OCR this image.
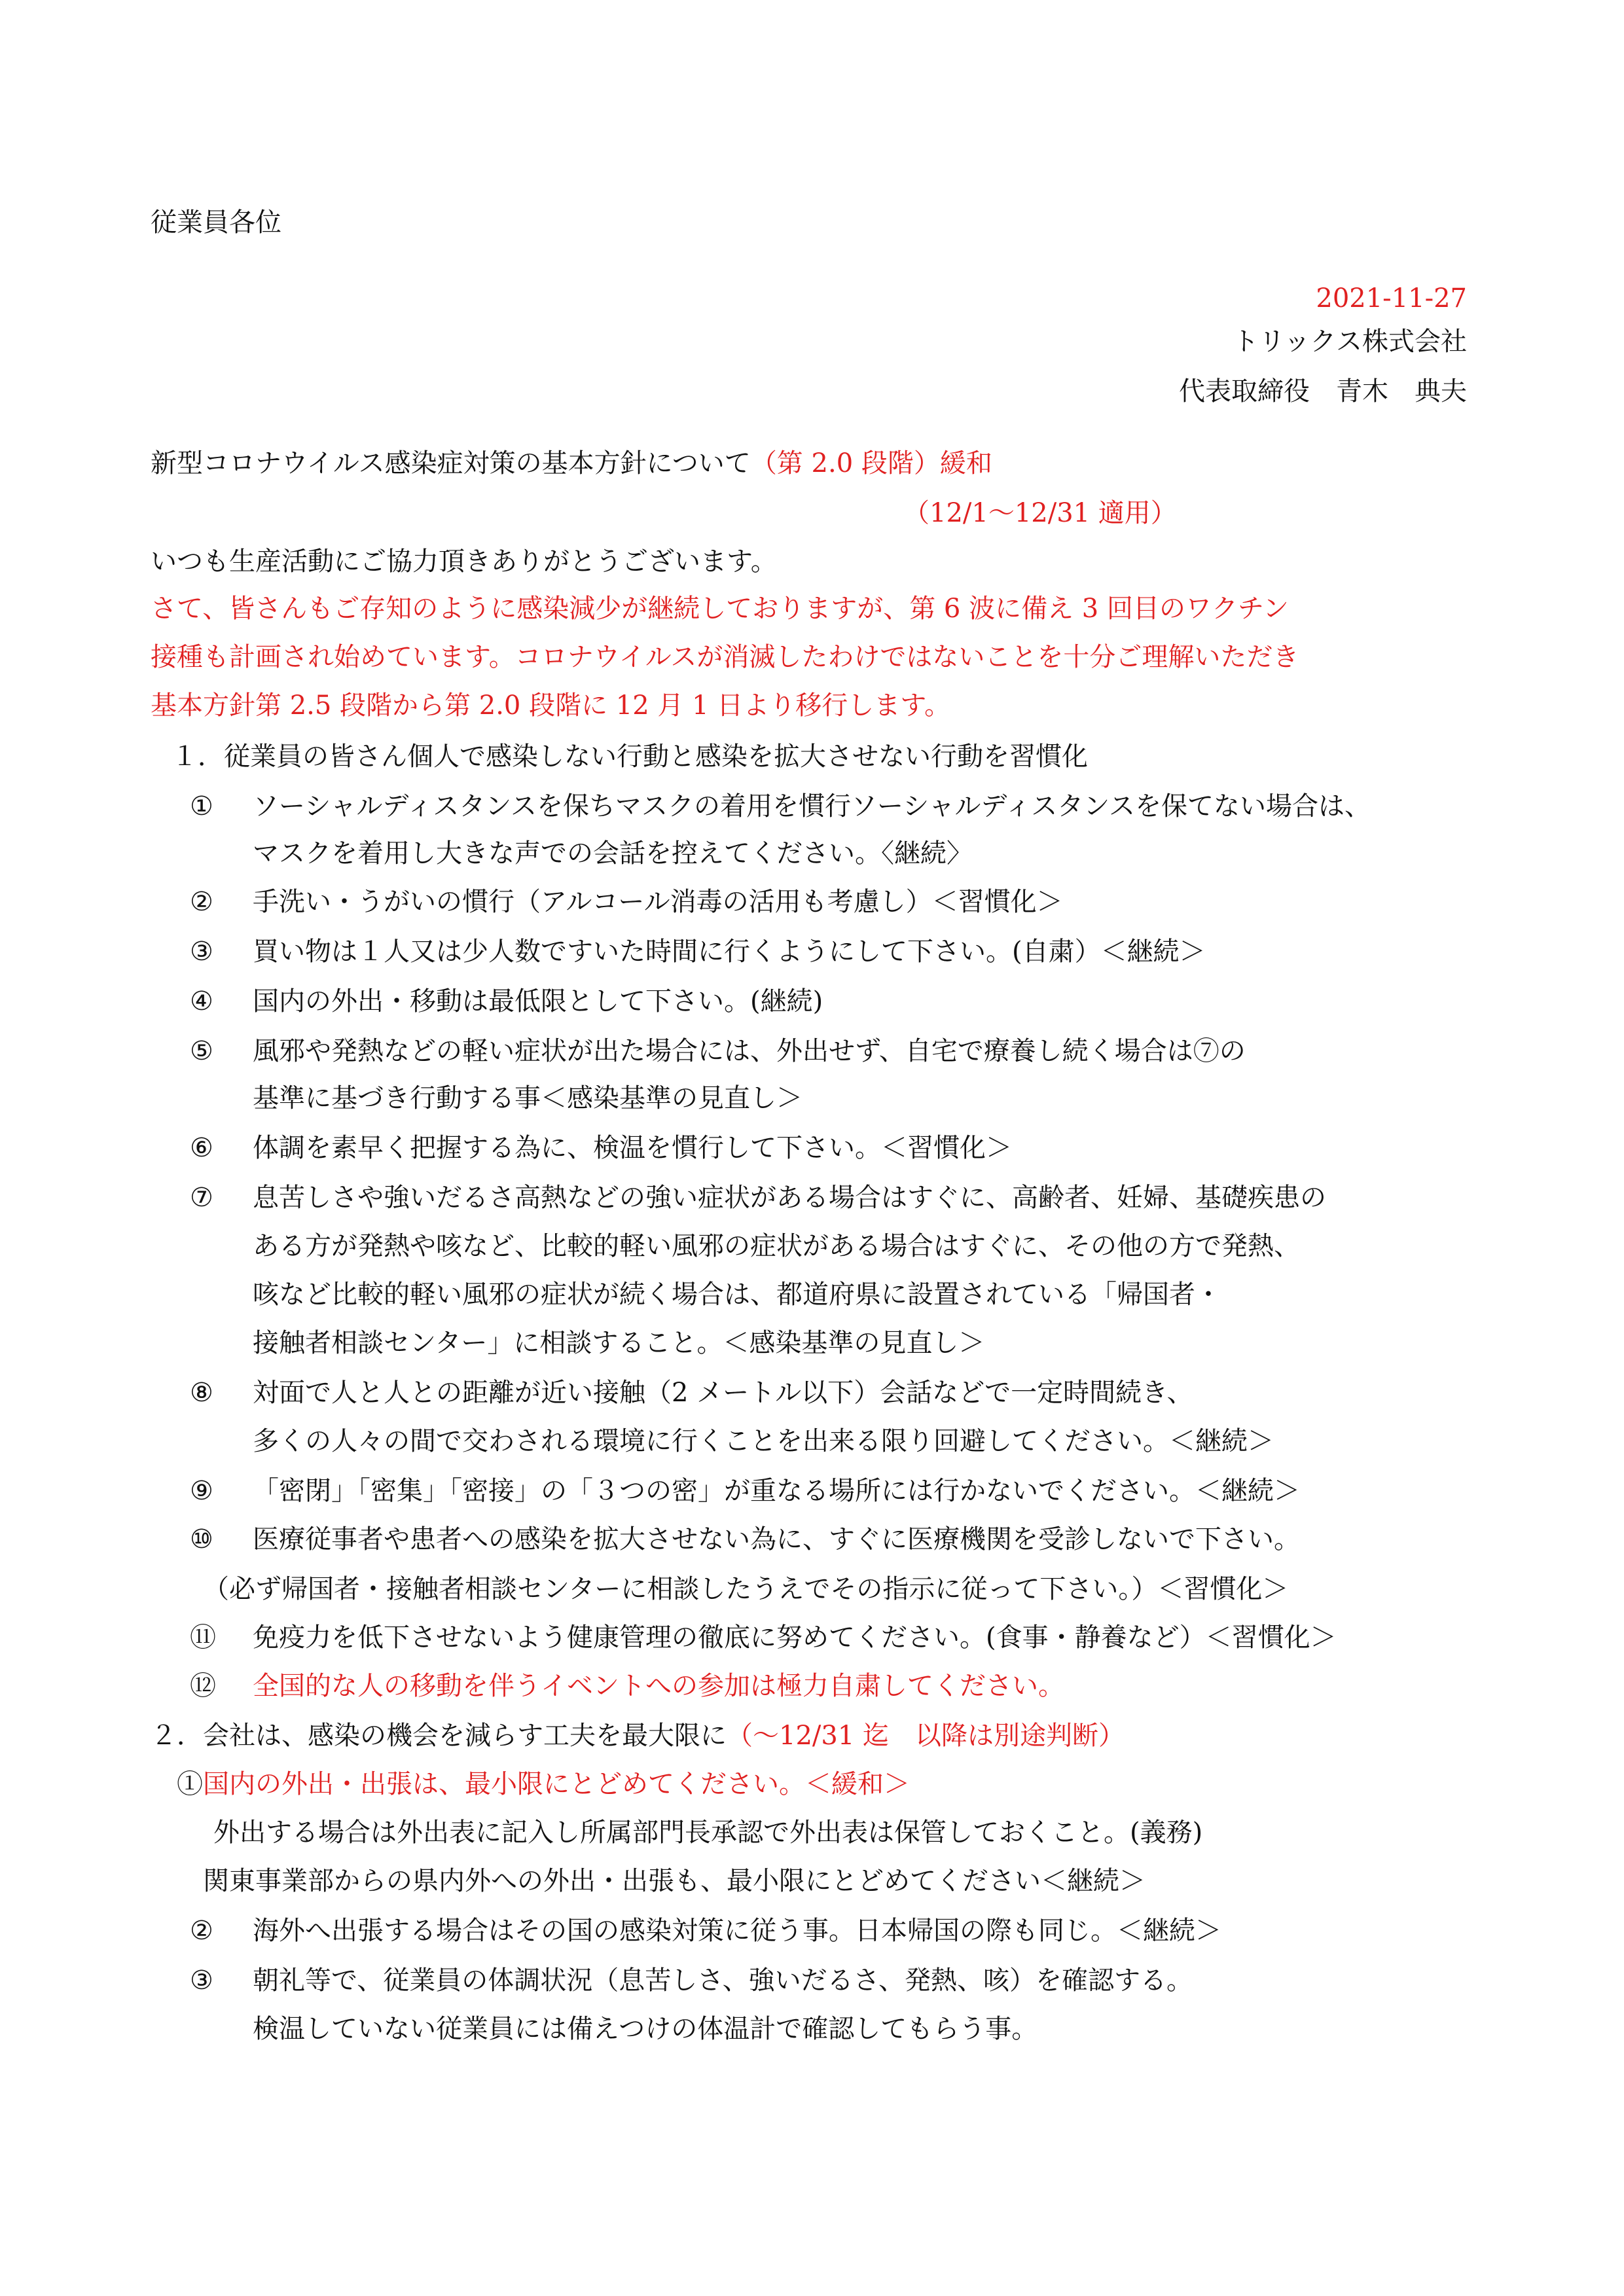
従業員各位

2021-11-27

トリックス株式会社

代表取締役　青木　典夫

新型コロナウイルス感染症対策の基本方針について（第 2.0 段階）緩和

（12/1～12/31 適用）

いつも生産活動にご協力頂きありがとうございます。

さて、皆さんもご存知のように感染減少が継続しておりますが、第 6 波に備え 3 回目のワクチン

接種も計画され始めています。コロナウイルスが消滅したわけではないことを十分ご理解いただき

基本方針第 2.5 段階から第 2.0 段階に 12 月 1 日より移行します。

１．従業員の皆さん個人で感染しない行動と感染を拡大させない行動を習慣化

① ソーシャルディスタンスを保ちマスクの着用を慣行ソーシャルディスタンスを保てない場合は、

マスクを着用し大きな声での会話を控えてください。〈継続〉

② 手洗い・うがいの慣行（アルコール消毒の活用も考慮し）＜習慣化＞

③ 買い物は１人又は少人数ですいた時間に行くようにして下さい。(自粛）＜継続＞

④ 国内の外出・移動は最低限として下さい。(継続)

⑤ 風邪や発熱などの軽い症状が出た場合には、外出せず、自宅で療養し続く場合は⑦の

基準に基づき行動する事＜感染基準の見直し＞

⑥ 体調を素早く把握する為に、検温を慣行して下さい。＜習慣化＞

⑦ 息苦しさや強いだるさ高熱などの強い症状がある場合はすぐに、高齢者、妊婦、基礎疾患の

ある方が発熱や咳など、比較的軽い風邪の症状がある場合はすぐに、その他の方で発熱、

咳など比較的軽い風邪の症状が続く場合は、都道府県に設置されている「帰国者・

接触者相談センター」に相談すること。＜感染基準の見直し＞

⑧ 対面で人と人との距離が近い接触（2 メートル以下）会話などで一定時間続き、

多くの人々の間で交わされる環境に行くことを出来る限り回避してください。＜継続＞

⑨ 「密閉」「密集」「密接」の「３つの密」が重なる場所には行かないでください。＜継続＞

⑩ 医療従事者や患者への感染を拡大させない為に、すぐに医療機関を受診しないで下さい。

（必ず帰国者・接触者相談センターに相談したうえでその指示に従って下さい。）＜習慣化＞

⑪ 免疫力を低下させないよう健康管理の徹底に努めてください。(食事・静養など）＜習慣化＞

⑫ 全国的な人の移動を伴うイベントへの参加は極力自粛してください。

２．会社は、感染の機会を減らす工夫を最大限に（～12/31 迄　以降は別途判断）

①国内の外出・出張は、最小限にとどめてください。＜緩和＞

外出する場合は外出表に記入し所属部門長承認で外出表は保管しておくこと。(義務)

関東事業部からの県内外への外出・出張も、最小限にとどめてください＜継続＞

② 海外へ出張する場合はその国の感染対策に従う事。日本帰国の際も同じ。＜継続＞

③ 朝礼等で、従業員の体調状況（息苦しさ、強いだるさ、発熱、咳）を確認する。

検温していない従業員には備えつけの体温計で確認してもらう事。
